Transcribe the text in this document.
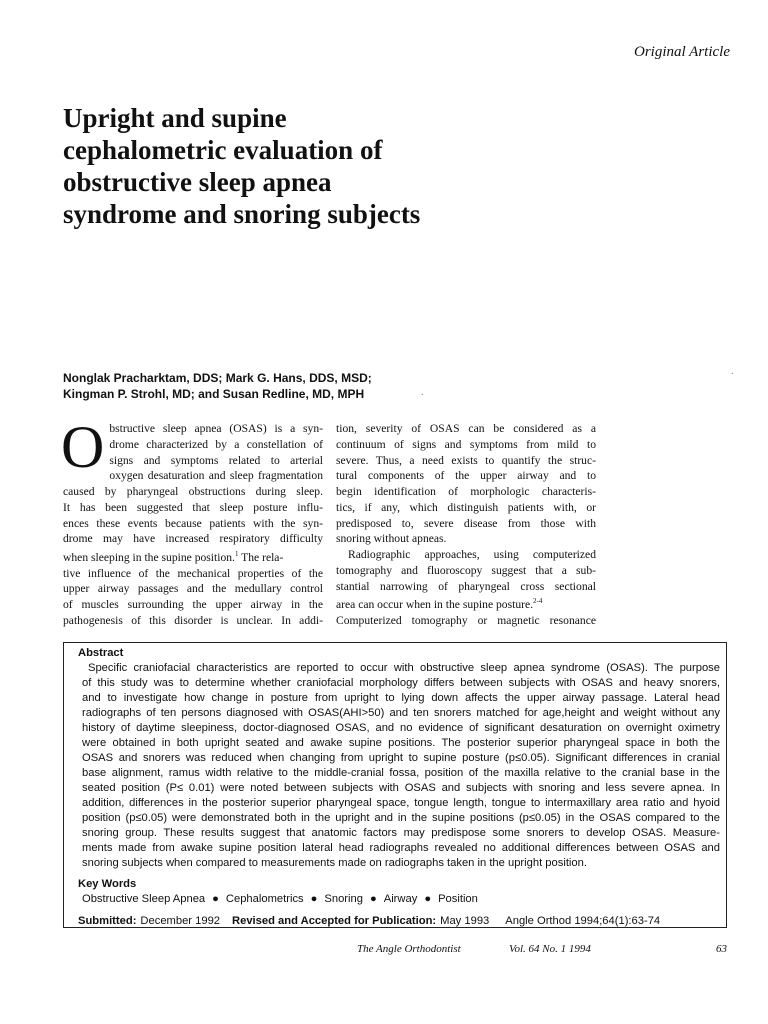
Original Article
Upright and supine
cephalometric evaluation of
obstructive sleep apnea
syndrome and snoring subjects
Nonglak Pracharktam, DDS; Mark G. Hans, DDS, MSD;
Kingman P. Strohl, MD; and Susan Redline, MD, MPH	.
.
O bstructive sleep apnea (OSAS) is a syn-
drome characterized by a constellation of
signs and symptoms related to arterial
oxygen desaturation and sleep fragmentation
caused by pharyngeal obstructions during sleep.
It has been suggested that sleep posture influ-
ences these events because patients with the syn-
drome may have increased respiratory difficulty
when sleeping in the supine position.$^1$ The rela-
tive influence of the mechanical properties of the
upper airway passages and the medullary control
of muscles surrounding the upper airway in the
pathogenesis of this disorder is unclear. In addi-
tion, severity of OSAS can be considered as a
continuum of signs and symptoms from mild to
severe. Thus, a need exists to quantify the struc-
tural components of the upper airway and to
begin identification of morphologic characteris-
tics, if any, which distinguish patients with, or
predisposed to, severe disease from those with
snoring without apneas.
Radiographic approaches, using computerized
tomography and fluoroscopy suggest that a sub-
stantial narrowing of pharyngeal cross sectional
area can occur when in the supine posture.$^{2-4}$
Computerized tomography or magnetic resonance
Abstract
Specific craniofacial characteristics are reported to occur with obstructive sleep apnea syndrome (OSAS). The purpose
of this study was to determine whether craniofacial morphology differs between subjects with OSAS and heavy snorers,
and to investigate how change in posture from upright to lying down affects the upper airway passage. Lateral head
radiographs of ten persons diagnosed with OSAS(AHI>50) and ten snorers matched for age,height and weight without any
history of daytime sleepiness, doctor-diagnosed OSAS, and no evidence of significant desaturation on overnight oximetry
were obtained in both upright seated and awake supine positions. The posterior superior pharyngeal space in both the
OSAS and snorers was reduced when changing from upright to supine posture (p≤0.05). Significant differences in cranial
base alignment, ramus width relative to the middle-cranial fossa, position of the maxilla relative to the cranial base in the
seated position (P≤ 0.01) were noted between subjects with OSAS and subjects with snoring and less severe apnea. In
addition, differences in the posterior superior pharyngeal space, tongue length, tongue to intermaxillary area ratio and hyoid
position (p≤0.05) were demonstrated both in the upright and in the supine positions (p≤0.05) in the OSAS compared to the
snoring group. These results suggest that anatomic factors may predispose some snorers to develop OSAS. Measure-
ments made from awake supine position lateral head radiographs revealed no additional differences between OSAS and
snoring subjects when compared to measurements made on radiographs taken in the upright position.
Key Words
Obstructive Sleep Apnea ● Cephalometrics ● Snoring ● Airway ● Position
Submitted: December 1992 Revised and Accepted for Publication: May 1993 Angle Orthod 1994;64(1):63-74
The Angle Orthodontist	Vol. 64 No. 1 1994	63
